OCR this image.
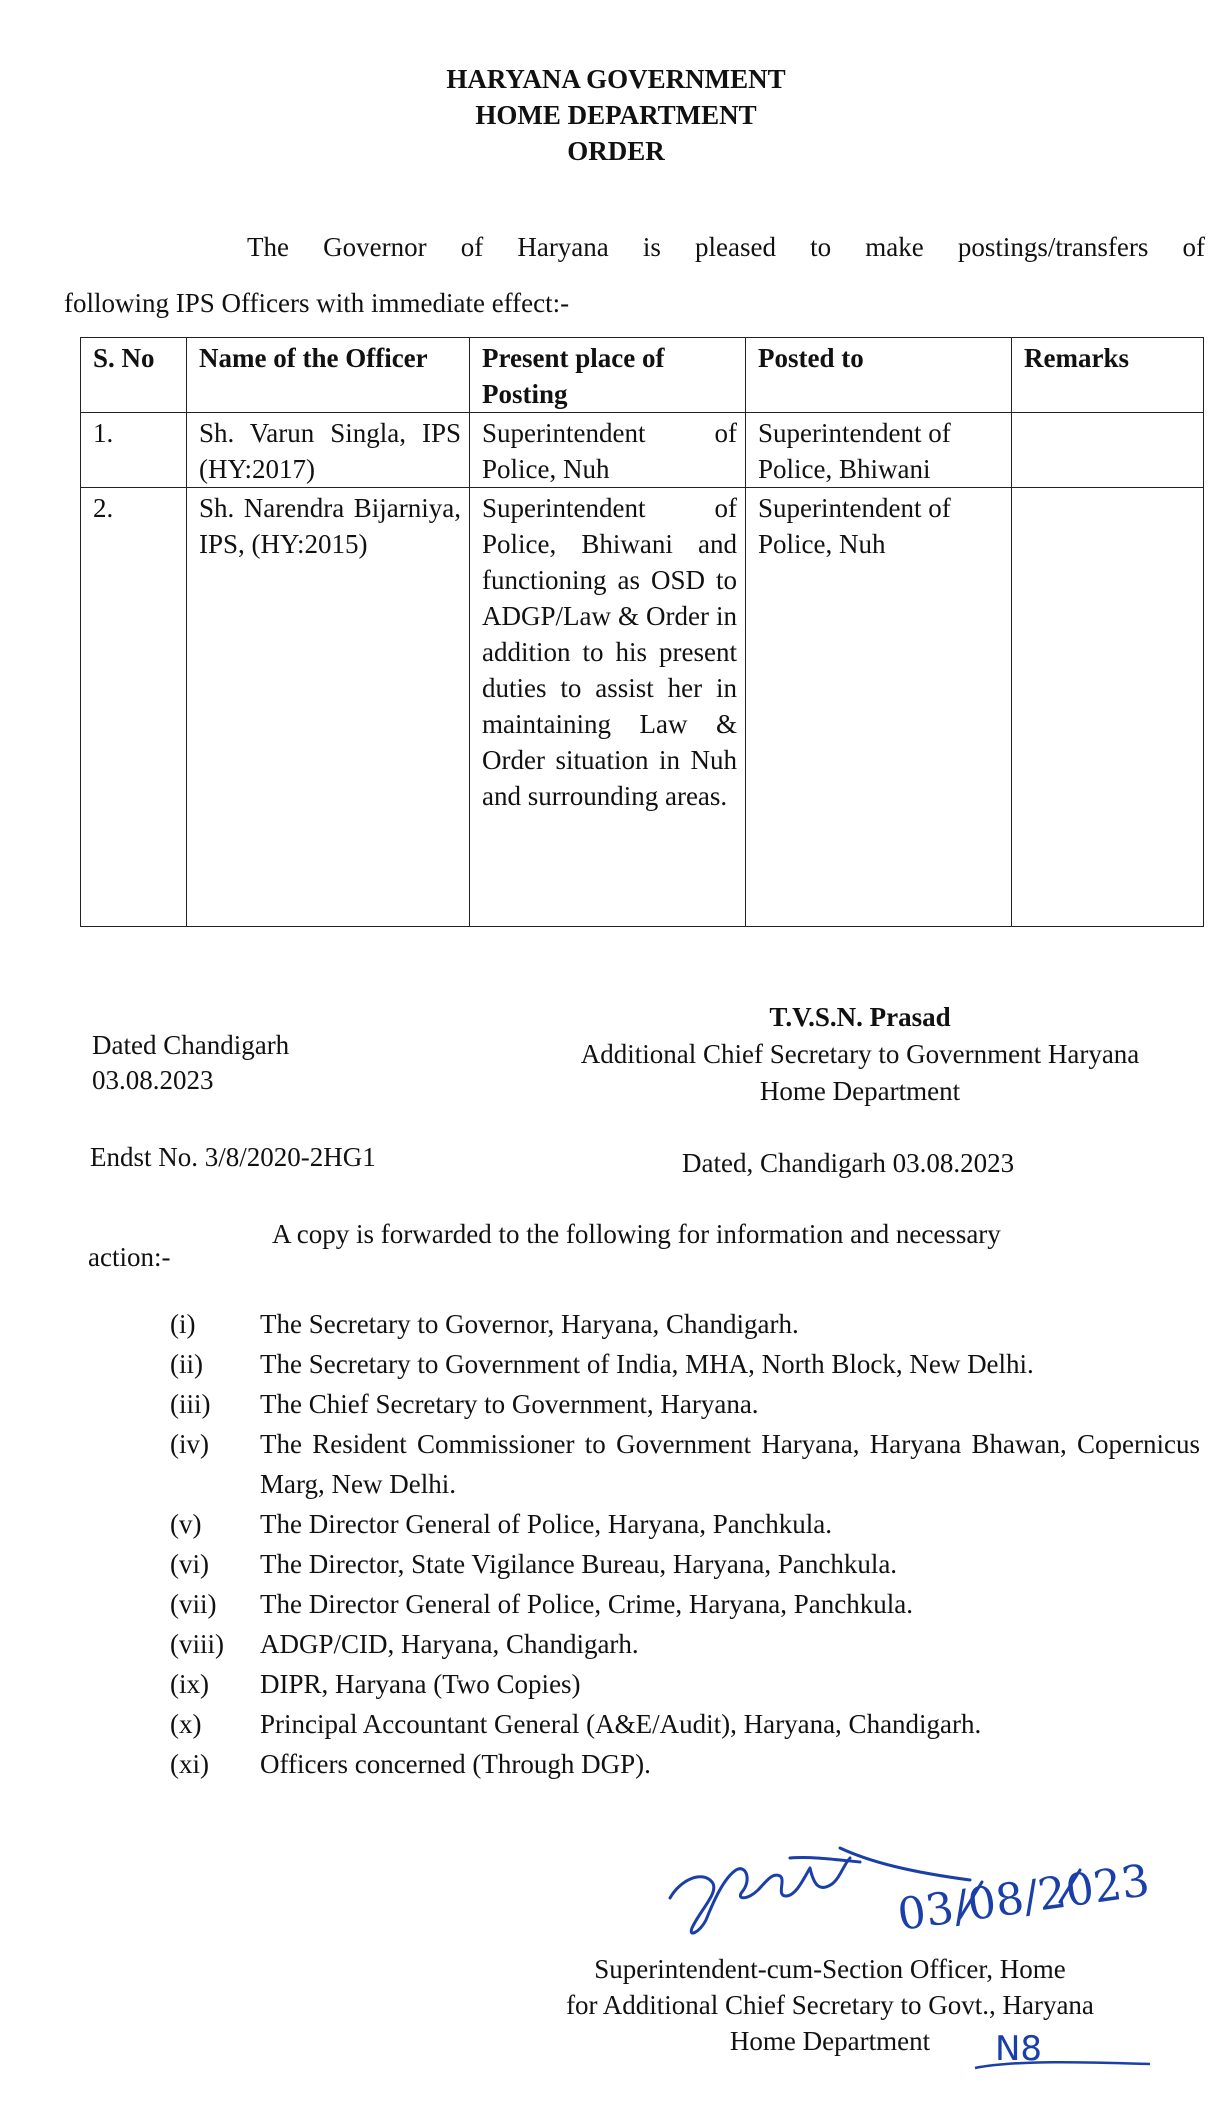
HARYANA GOVERNMENT
HOME DEPARTMENT
ORDER
The Governor of Haryana is pleased to make postings/transfers of
following IPS Officers with immediate effect:-
S. No	Name of the Officer	Present place of Posting	Posted to	Remarks
1.	Sh. Varun Singla, IPS (HY:2017)	Superintendent of Police, Nuh	Superintendent of Police, Bhiwani	
2.	Sh. Narendra Bijarniya, IPS, (HY:2015)	Superintendent of Police, Bhiwani and functioning as OSD to ADGP/Law & Order in addition to his present duties to assist her in maintaining Law & Order situation in Nuh and surrounding areas.	Superintendent of Police, Nuh	
T.V.S.N. Prasad
Additional Chief Secretary to Government Haryana
Home Department
Dated Chandigarh
03.08.2023
Endst No. 3/8/2020-2HG1	Dated, Chandigarh 03.08.2023
A copy is forwarded to the following for information and necessary
action:-
(i)	The Secretary to Governor, Haryana, Chandigarh.
(ii)	The Secretary to Government of India, MHA, North Block, New Delhi.
(iii)	The Chief Secretary to Government, Haryana.
(iv)	The Resident Commissioner to Government Haryana, Haryana Bhawan, Copernicus Marg, New Delhi.
(v)	The Director General of Police, Haryana, Panchkula.
(vi)	The Director, State Vigilance Bureau, Haryana, Panchkula.
(vii)	The Director General of Police, Crime, Haryana, Panchkula.
(viii)	ADGP/CID, Haryana, Chandigarh.
(ix)	DIPR, Haryana (Two Copies)
(x)	Principal Accountant General (A&E/Audit), Haryana, Chandigarh.
(xi)	Officers concerned (Through DGP).
03/08/2023
Superintendent-cum-Section Officer, Home
for Additional Chief Secretary to Govt., Haryana
Home Department	N8
